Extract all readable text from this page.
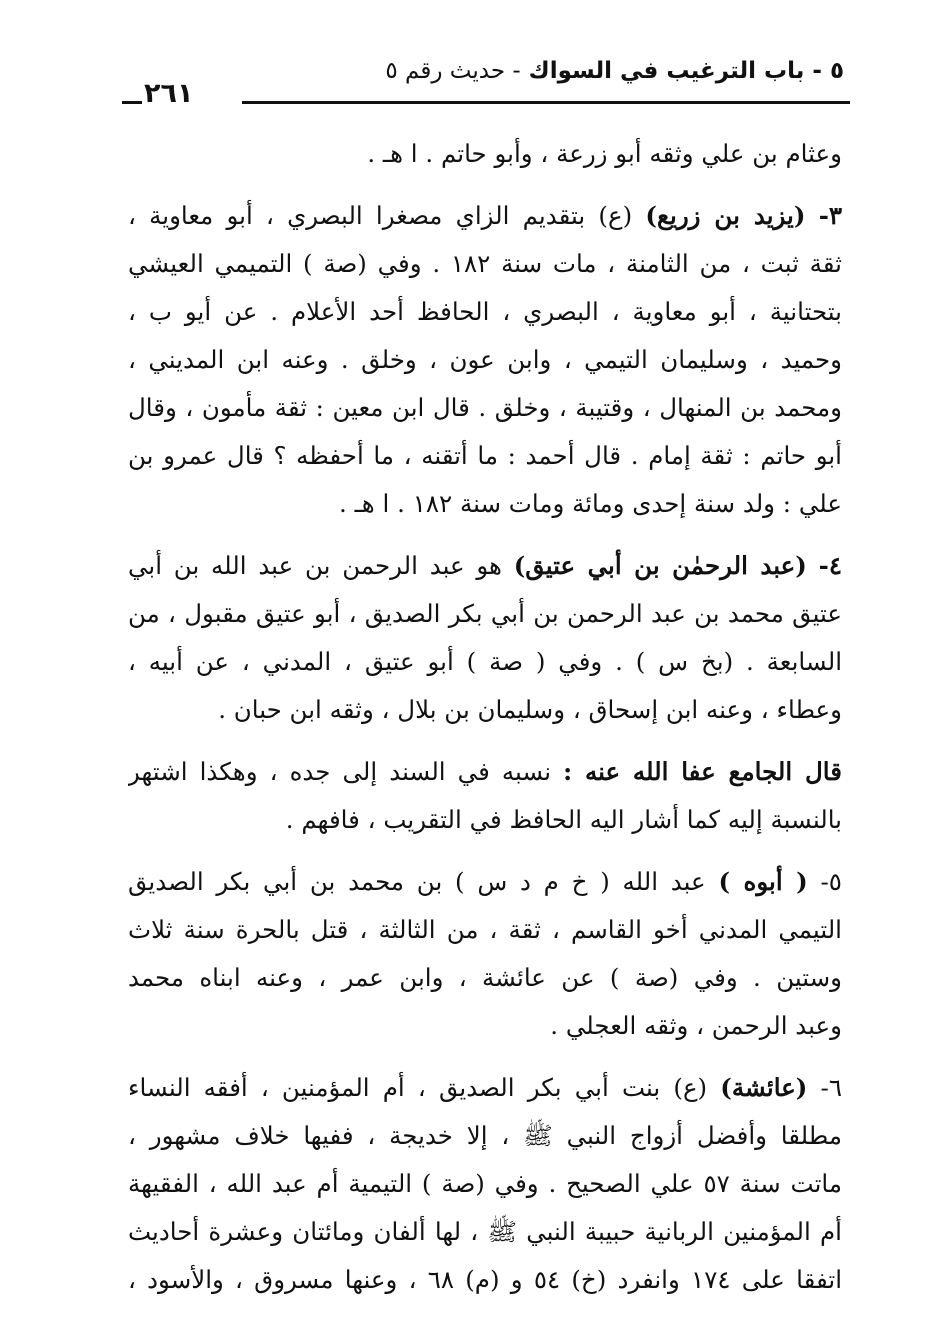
٥ - باب الترغيب في السواك - حديث رقم ٥
٢٦١

وعثام بن علي وثقه أبو زرعة ، وأبو حاتم . ا هـ .

٣- (يزيد بن زريع) (ع) بتقديم الزاي مصغرا البصري ، أبو معاوية ،
ثقة ثبت ، من الثامنة ، مات سنة ١٨٢ . وفي (صة ) التميمي العيشي
بتحتانية ، أبو معاوية ، البصري ، الحافظ أحد الأعلام . عن أيو ب ،
وحميد ، وسليمان التيمي ، وابن عون ، وخلق . وعنه ابن المديني ،
ومحمد بن المنهال ، وقتيبة ، وخلق . قال ابن معين : ثقة مأمون ، وقال
أبو حاتم : ثقة إمام . قال أحمد : ما أتقنه ، ما أحفظه ؟ قال عمرو بن
علي : ولد سنة إحدى ومائة ومات سنة ١٨٢ . ا هـ .

٤- (عبد الرحمٰن بن أبي عتيق) هو عبد الرحمن بن عبد الله بن أبي
عتيق محمد بن عبد الرحمن بن أبي بكر الصديق ، أبو عتيق مقبول ، من
السابعة . (بخ س ) . وفي ( صة ) أبو عتيق ، المدني ، عن أبيه ،
وعطاء ، وعنه ابن إسحاق ، وسليمان بن بلال ، وثقه ابن حبان .

قال الجامع عفا الله عنه : نسبه في السند إلى جده ، وهكذا اشتهر
بالنسبة إليه كما أشار اليه الحافظ في التقريب ، فافهم .

٥- ( أبوه ) عبد الله ( خ م د س ) بن محمد بن أبي بكر الصديق
التيمي المدني أخو القاسم ، ثقة ، من الثالثة ، قتل بالحرة سنة ثلاث
وستين . وفي (صة ) عن عائشة ، وابن عمر ، وعنه ابناه محمد
وعبد الرحمن ، وثقه العجلي .

٦- (عائشة) (ع) بنت أبي بكر الصديق ، أم المؤمنين ، أفقه النساء
مطلقا وأفضل أزواج النبي ﷺ ، إلا خديجة ، ففيها خلاف مشهور ،
ماتت سنة ٥٧ علي الصحيح . وفي (صة ) التيمية أم عبد الله ، الفقيهة
أم المؤمنين الربانية حبيبة النبي ﷺ ، لها ألفان ومائتان وعشرة أحاديث
اتفقا على ١٧٤ وانفرد (خ) ٥٤ و (م) ٦٨ ، وعنها مسروق ، والأسود ،
